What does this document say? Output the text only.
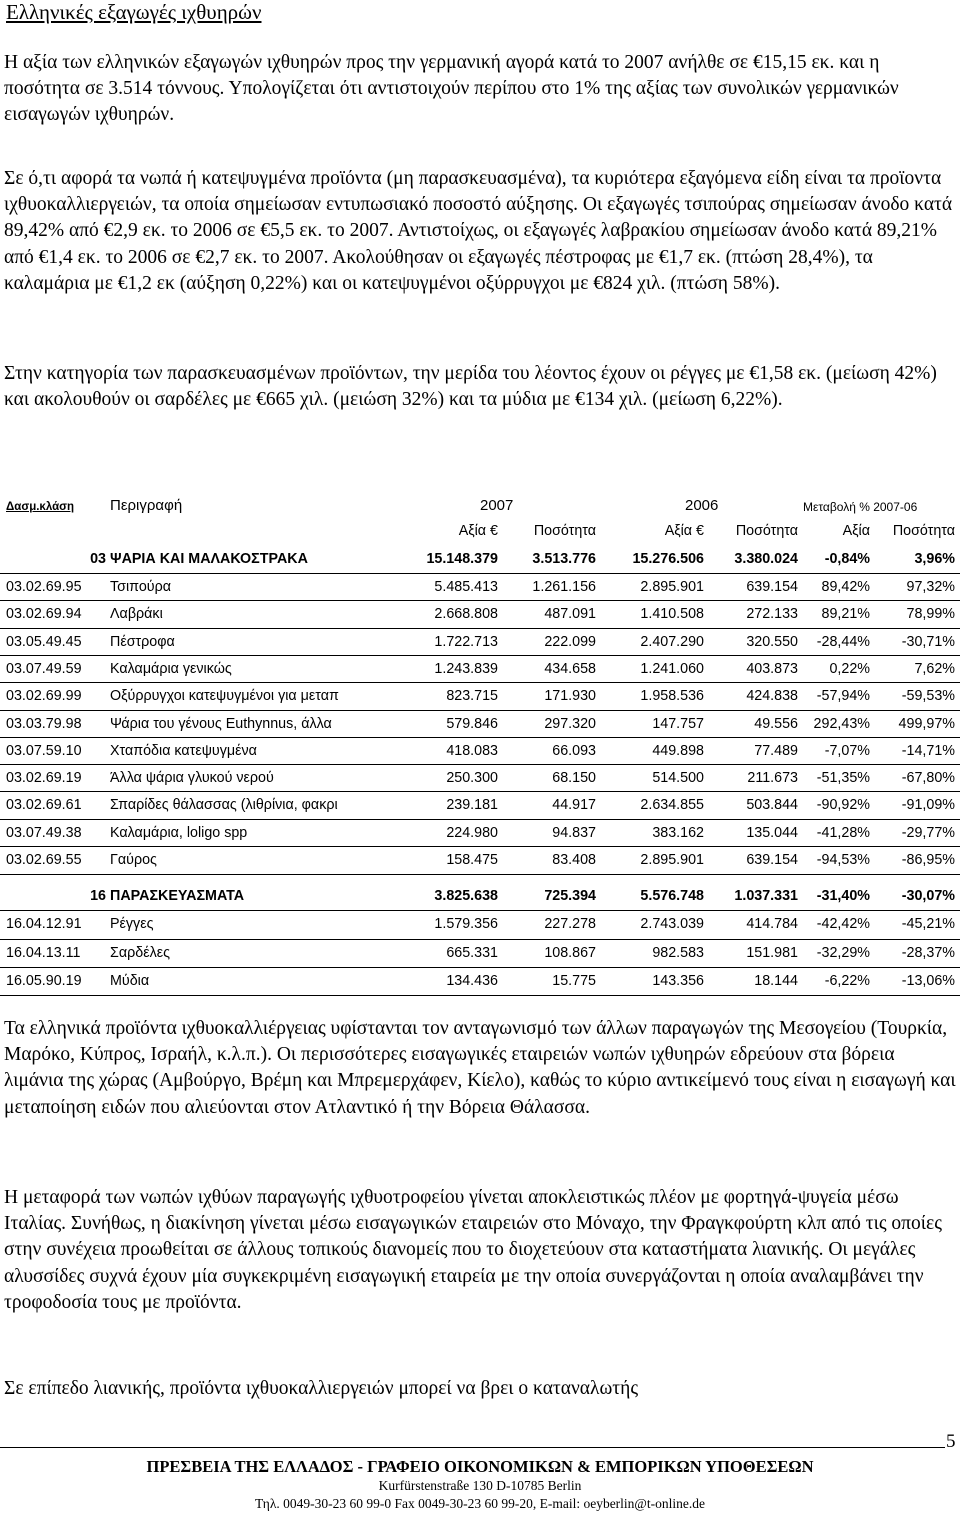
Ελληνικές εξαγωγές ιχθυηρών

Η αξία των ελληνικών εξαγωγών ιχθυηρών προς την γερμανική αγορά κατά το 2007 ανήλθε σε €15,15 εκ. και η ποσότητα σε 3.514 τόννους. Υπολογίζεται ότι αντιστοιχούν περίπου στο 1% της αξίας των συνολικών γερμανικών εισαγωγών ιχθυηρών.

Σε ό,τι αφορά τα νωπά ή κατεψυγμένα προϊόντα (μη παρασκευασμένα), τα κυριότερα εξαγόμενα είδη είναι τα προϊοντα ιχθυοκαλλιεργειών, τα οποία σημείωσαν εντυπωσιακό ποσοστό αύξησης. Οι εξαγωγές τσιπούρας σημείωσαν άνοδο κατά 89,42% από €2,9 εκ. το 2006 σε €5,5 εκ. το 2007. Αντιστοίχως, οι εξαγωγές λαβρακίου σημείωσαν άνοδο κατά 89,21% από €1,4 εκ. το 2006 σε €2,7 εκ. το 2007. Ακολούθησαν οι εξαγωγές πέστροφας με €1,7 εκ. (πτώση 28,4%), τα καλαμάρια με €1,2 εκ (αύξηση 0,22%) και οι κατεψυγμένοι οξύρρυγχοι με €824 χιλ. (πτώση 58%).

Στην κατηγορία των παρασκευασμένων προϊόντων, την μερίδα του λέοντος έχουν οι ρέγγες με €1,58 εκ. (μείωση 42%) και ακολουθούν οι σαρδέλες με €665 χιλ. (μειώση 32%) και τα μύδια με €134 χιλ. (μείωση 6,22%).

Δασμ.κλάση Περιγραφή	2007	2006	Μεταβολή % 2007-06
Αξία €	Ποσότητα	Αξία €	Ποσότητα	Αξία	Ποσότητα
03 ΨΑΡΙΑ ΚΑΙ ΜΑΛΑΚΟΣΤΡΑΚΑ	15.148.379	3.513.776	15.276.506	3.380.024	-0,84%	3,96%
03.02.69.95	Τσιπούρα	5.485.413	1.261.156	2.895.901	639.154	89,42%	97,32%
03.02.69.94	Λαβράκι	2.668.808	487.091	1.410.508	272.133	89,21%	78,99%
03.05.49.45	Πέστροφα	1.722.713	222.099	2.407.290	320.550	-28,44%	-30,71%
03.07.49.59	Καλαμάρια γενικώς	1.243.839	434.658	1.241.060	403.873	0,22%	7,62%
03.02.69.99	Οξύρρυγχοι κατεψυγμένοι για μεταπ	823.715	171.930	1.958.536	424.838	-57,94%	-59,53%
03.03.79.98	Ψάρια του γένους Euthynnus, άλλα	579.846	297.320	147.757	49.556	292,43%	499,97%
03.07.59.10	Χταπόδια κατεψυγμένα	418.083	66.093	449.898	77.489	-7,07%	-14,71%
03.02.69.19	Άλλα ψάρια γλυκού νερού	250.300	68.150	514.500	211.673	-51,35%	-67,80%
03.02.69.61	Σπαρίδες θάλασσας (λιθρίνια, φακρι	239.181	44.917	2.634.855	503.844	-90,92%	-91,09%
03.07.49.38	Καλαμάρια, loligo spp	224.980	94.837	383.162	135.044	-41,28%	-29,77%
03.02.69.55	Γαύρος	158.475	83.408	2.895.901	639.154	-94,53%	-86,95%
16 ΠΑΡΑΣΚΕΥΑΣΜΑΤΑ	3.825.638	725.394	5.576.748	1.037.331	-31,40%	-30,07%
16.04.12.91	Ρέγγες	1.579.356	227.278	2.743.039	414.784	-42,42%	-45,21%
16.04.13.11	Σαρδέλες	665.331	108.867	982.583	151.981	-32,29%	-28,37%
16.05.90.19	Μύδια	134.436	15.775	143.356	18.144	-6,22%	-13,06%

Τα ελληνικά προϊόντα ιχθυοκαλλιέργειας υφίστανται τον ανταγωνισμό των άλλων παραγωγών της Μεσογείου (Τουρκία, Μαρόκο, Κύπρος, Ισραήλ, κ.λ.π.). Οι περισσότερες εισαγωγικές εταιρειών νωπών ιχθυηρών εδρεύουν στα βόρεια λιμάνια της χώρας (Αμβούργο, Βρέμη και Μπρεμερχάφεν, Κίελο), καθώς το κύριο αντικείμενό τους είναι η εισαγωγή και μεταποίηση ειδών που αλιεύονται στον Ατλαντικό ή την Βόρεια Θάλασσα.

Η μεταφορά των νωπών ιχθύων παραγωγής ιχθυοτροφείου γίνεται αποκλειστικώς πλέον με φορτηγά-ψυγεία μέσω Ιταλίας. Συνήθως, η διακίνηση γίνεται μέσω εισαγωγικών εταιρειών στο Μόναχο, την Φραγκφούρτη κλπ από τις οποίες στην συνέχεια προωθείται σε άλλους τοπικούς διανομείς που το διοχετεύουν στα καταστήματα λιανικής. Οι μεγάλες αλυσσίδες συχνά έχουν μία συγκεκριμένη εισαγωγική εταιρεία με την οποία συνεργάζονται η οποία αναλαμβάνει την τροφοδοσία τους με προϊόντα.

Σε επίπεδο λιανικής, προϊόντα ιχθυοκαλλιεργειών μπορεί να βρει ο καταναλωτής

5
ΠΡΕΣΒΕΙΑ ΤΗΣ ΕΛΛΑΔΟΣ - ΓΡΑΦΕΙΟ ΟΙΚΟΝΟΜΙΚΩΝ & ΕΜΠΟΡΙΚΩΝ ΥΠΟΘΕΣΕΩΝ
Kurfürstenstraße 130 D-10785 Berlin
Τηλ. 0049-30-23 60 99-0 Fax 0049-30-23 60 99-20, E-mail: oeyberlin@t-online.de
